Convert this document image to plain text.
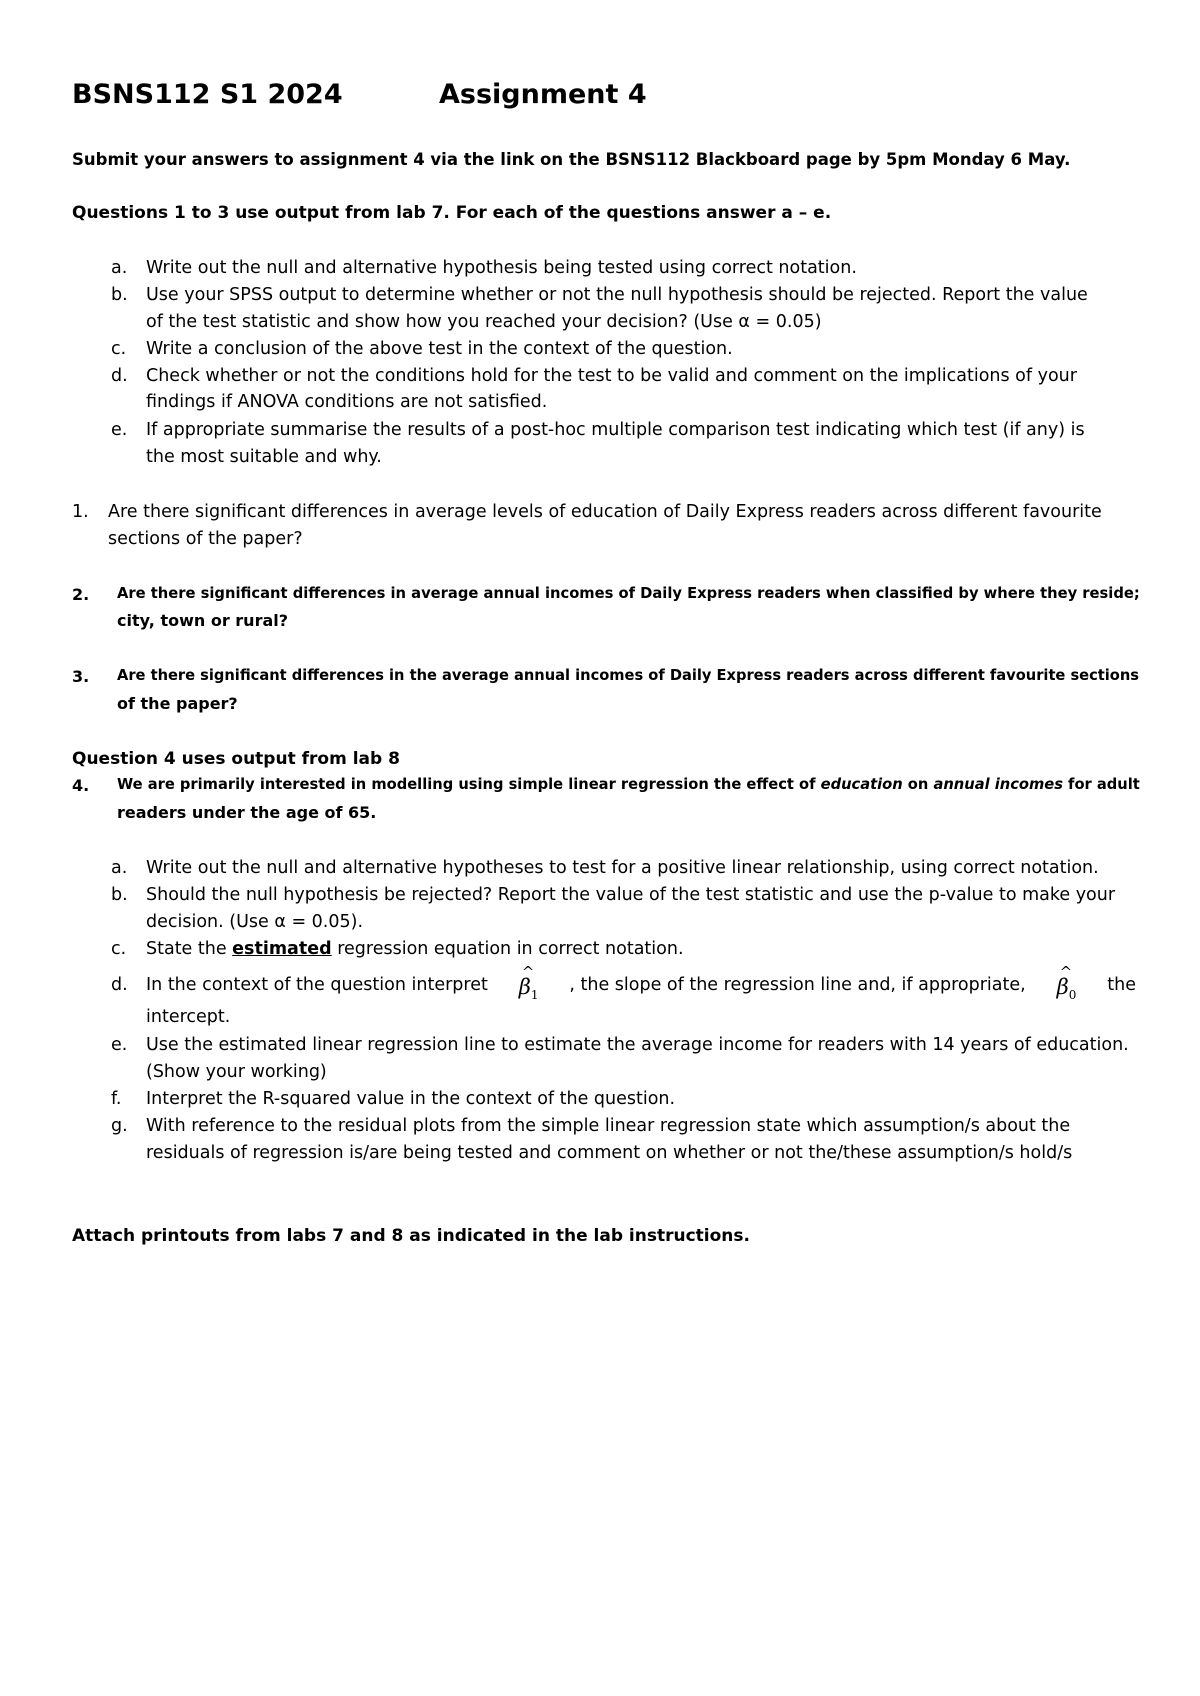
BSNS112 S1 2024	Assignment 4
Submit your answers to assignment 4 via the link on the BSNS112 Blackboard page by 5pm Monday 6 May.
Questions 1 to 3 use output from lab 7. For each of the questions answer a – e.
a. Write out the null and alternative hypothesis being tested using correct notation.
b. Use your SPSS output to determine whether or not the null hypothesis should be rejected. Report the value
of the test statistic and show how you reached your decision? (Use α = 0.05)
c. Write a conclusion of the above test in the context of the question.
d. Check whether or not the conditions hold for the test to be valid and comment on the implications of your
findings if ANOVA conditions are not satisfied.
e. If appropriate summarise the results of a post-hoc multiple comparison test indicating which test (if any) is
the most suitable and why.
1. Are there significant differences in average levels of education of Daily Express readers across different favourite
sections of the paper?
2. Are there significant differences in average annual incomes of Daily Express readers when classified by where they reside;
city, town or rural?
3. Are there significant differences in the average annual incomes of Daily Express readers across different favourite sections
of the paper?
Question 4 uses output from lab 8
4. We are primarily interested in modelling using simple linear regression the effect of education on annual incomes for adult
readers under the age of 65.
a. Write out the null and alternative hypotheses to test for a positive linear relationship, using correct notation.
b. Should the null hypothesis be rejected? Report the value of the test statistic and use the p-value to make your
decision. (Use α = 0.05).
c. State the estimated regression equation in correct notation.
d. In the context of the question interpret
^
$\beta_1$
, the slope of the regression line and, if appropriate,
^
$\beta_0$
the
intercept.
e. Use the estimated linear regression line to estimate the average income for readers with 14 years of education.
(Show your working)
f. Interpret the R-squared value in the context of the question.
g. With reference to the residual plots from the simple linear regression state which assumption/s about the
residuals of regression is/are being tested and comment on whether or not the/these assumption/s hold/s
Attach printouts from labs 7 and 8 as indicated in the lab instructions.
